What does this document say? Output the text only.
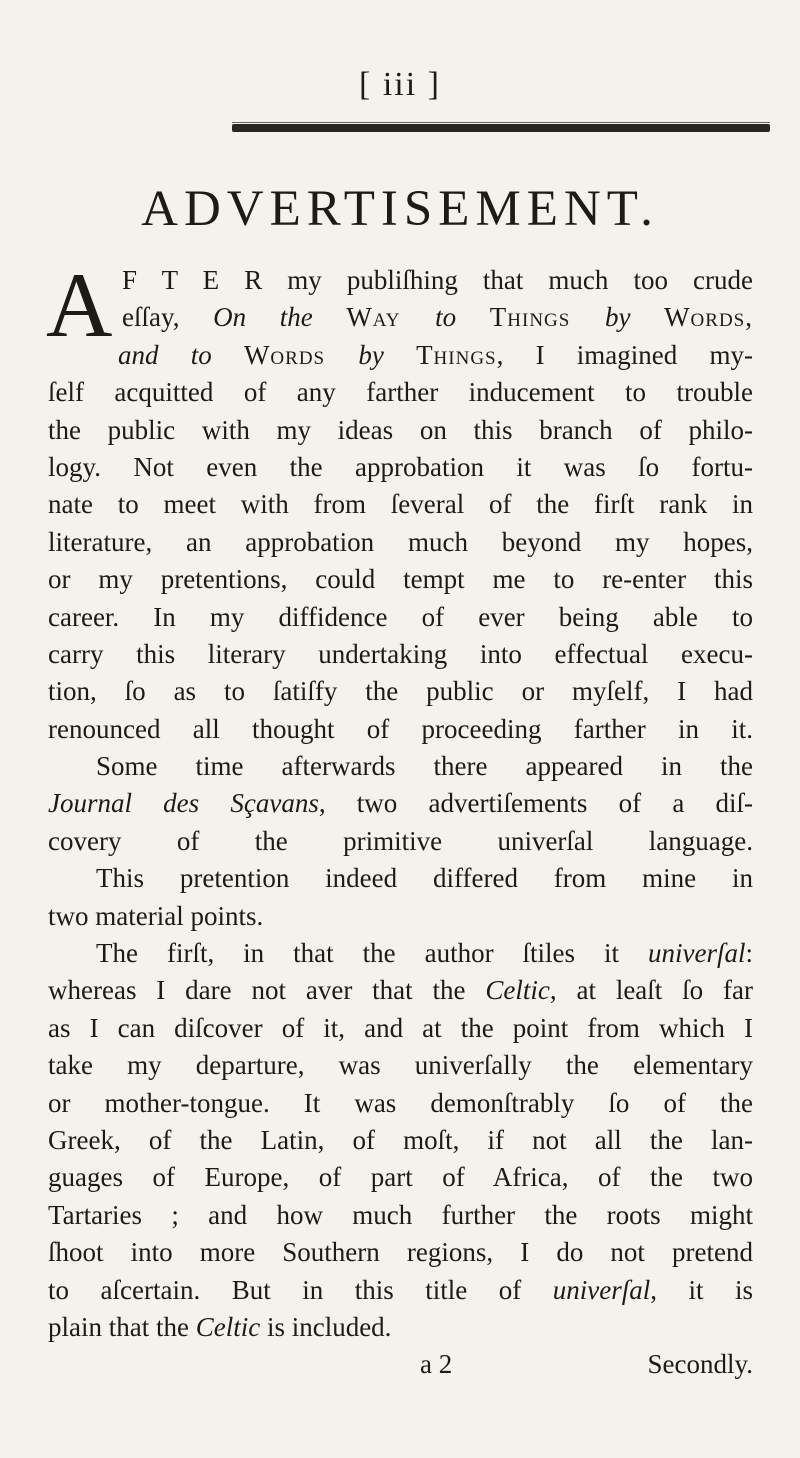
[ iii ]
ADVERTISEMENT.
A F T E R my publiſhing that much too crude
eſſay, On the Way to Things by Words,
and to Words by Things, I imagined my-
ſelf acquitted of any farther inducement to trouble
the public with my ideas on this branch of philo-
logy. Not even the approbation it was ſo fortu-
nate to meet with from ſeveral of the firſt rank in
literature, an approbation much beyond my hopes,
or my pretentions, could tempt me to re-enter this
career. In my diffidence of ever being able to
carry this literary undertaking into effectual execu-
tion, ſo as to ſatiſfy the public or myſelf, I had
renounced all thought of proceeding farther in it.
Some time afterwards there appeared in the
Journal des Sçavans, two advertiſements of a diſ-
covery of the primitive univerſal language.
This pretention indeed differed from mine in
two material points.
The firſt, in that the author ſtiles it univerſal:
whereas I dare not aver that the Celtic, at leaſt ſo far
as I can diſcover of it, and at the point from which I
take my departure, was univerſally the elementary
or mother-tongue. It was demonſtrably ſo of the
Greek, of the Latin, of moſt, if not all the lan-
guages of Europe, of part of Africa, of the two
Tartaries ; and how much further the roots might
ſhoot into more Southern regions, I do not pretend
to aſcertain. But in this title of univerſal, it is
plain that the Celtic is included.
a 2	Secondly.
